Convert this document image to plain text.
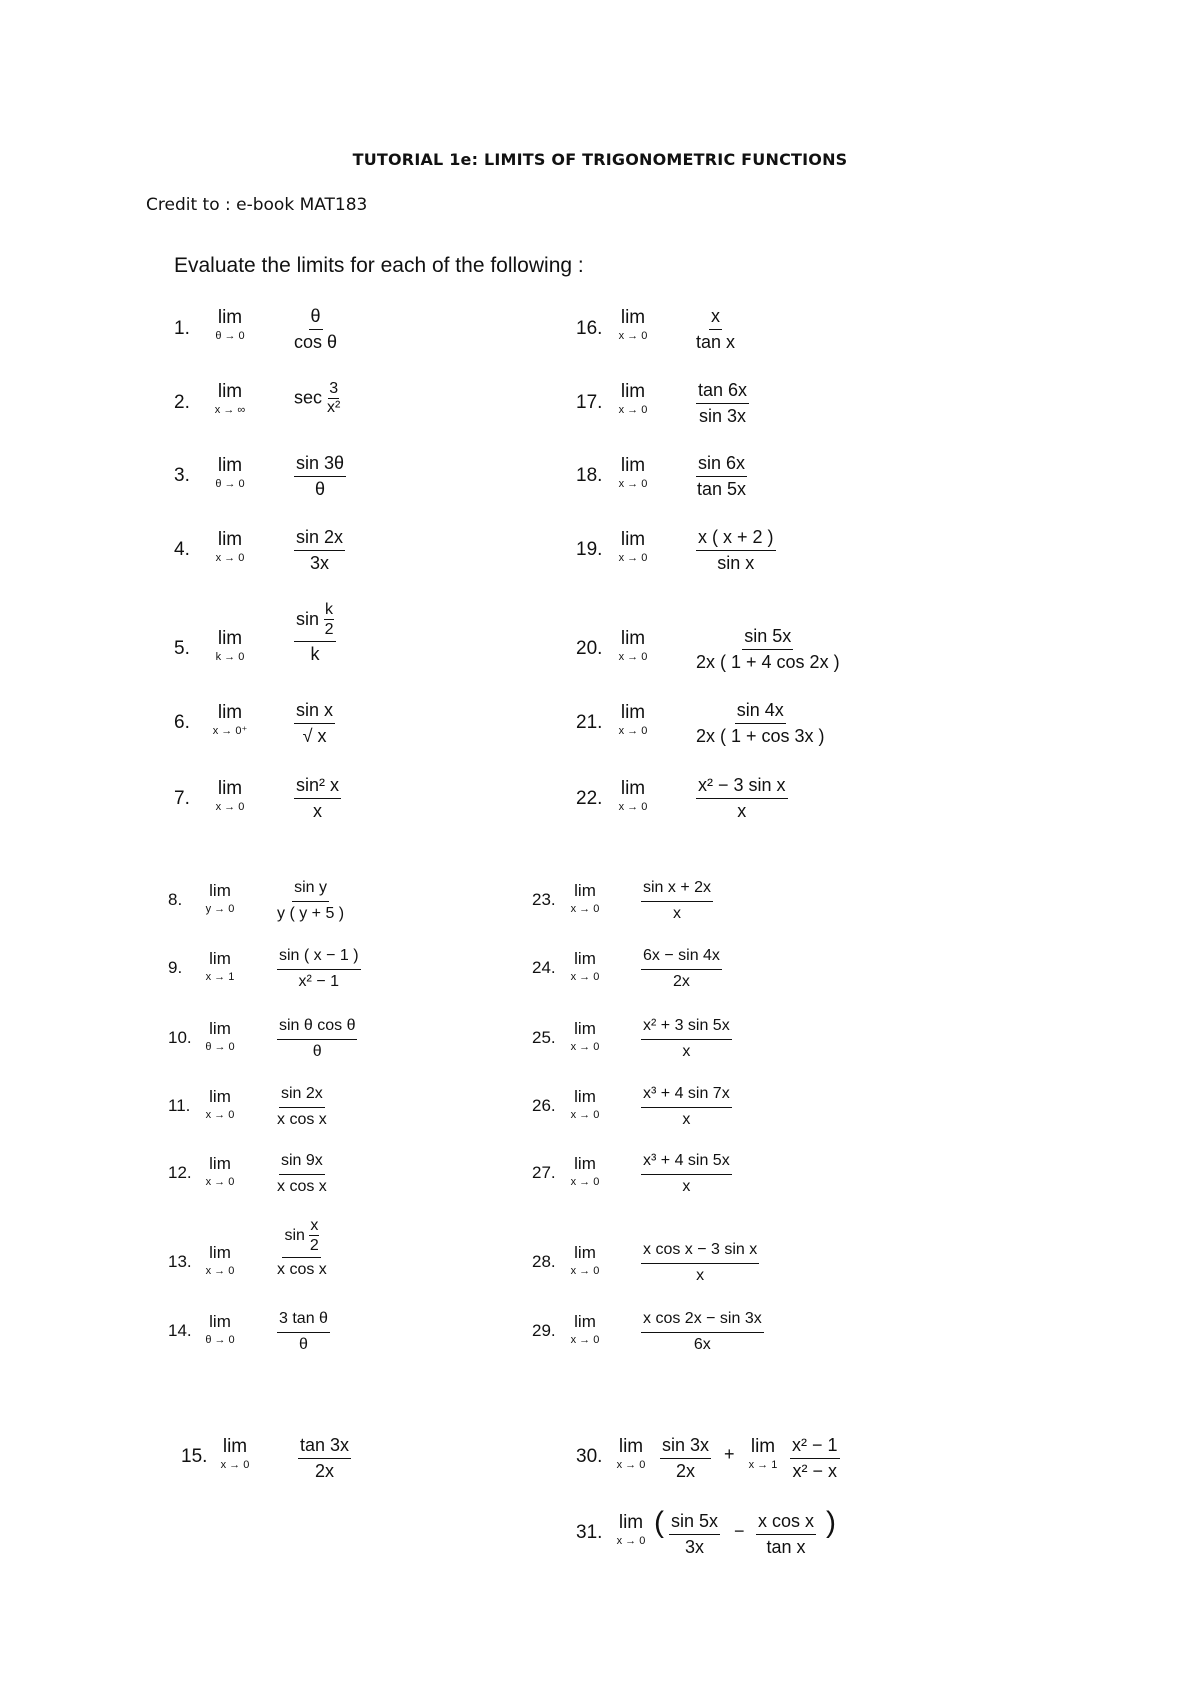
TUTORIAL 1e: LIMITS OF TRIGONOMETRIC FUNCTIONS
Credit to : e-book MAT183
Evaluate the limits for each of the following :
1.
lim
θ → 0	$\frac{\theta}{\text{cos θ}}$
2.
lim
x → ∞
$\sec \frac{3}{\text{x²}}$
3.	lim
θ → 0	$\frac{\sin 3\theta}{\theta}$
4.	lim
x → 0	$\frac{\sin 2x}{3x}$
5.	lim
k → 0	$\frac{\sin \frac{k}{2}}{k}$
6.	lim
x → 0⁺	$\frac{\text{sin x}}{√ x}$
7.	lim
x → 0	$\frac{\text{sin² x}}{x}$
16.
lim
x → 0	$\frac{x}{\text{tan x}}$
17.
lim
x → 0	$\frac{\tan 6x}{\sin 3x}$
18. lim
x → 0	$\frac{\sin 6x}{\tan 5x}$
19. lim
x → 0	$\frac{x ( x + 2 )}{\text{sin x}}$
20. lim
x → 0	$\frac{\sin 5x}{2x ( 1 + 4 \cos 2x )}$
21. lim
x → 0	$\frac{\sin 4x}{2x ( 1 + \cos 3x )}$
22. lim
x → 0	$\frac{\text{x² − 3 sin x}}{x}$
8.	lim
y → 0	$\frac{\text{sin y}}{y ( y + 5 )}$
9.	lim
x → 1	$\frac{\sin ( x - 1 )}{\text{x² − 1}}$
10.	lim
θ → 0	$\frac{\text{sin θ cos θ}}{\theta}$
11.	lim
x → 0	$\frac{\sin 2x}{\text{x cos x}}$
12.	lim
x → 0	$\frac{\sin 9x}{\text{x cos x}}$
13.	lim
x → 0	$\frac{\sin \frac{x}{2}}{\text{x cos x}}$
14.	lim
θ → 0	$\frac{\text{3 tan θ}}{\theta}$
23.	lim
x → 0	$\frac{\text{sin x + 2x}}{x}$
24.	lim
x → 0	$\frac{6x - \sin 4x}{2x}$
25.	lim
x → 0	$\frac{\text{x² + 3 sin 5x}}{x}$
26.	lim
x → 0	$\frac{\text{x³ + 4 sin 7x}}{x}$
27.	lim
x → 0	$\frac{\text{x³ + 4 sin 5x}}{x}$
28.	lim
x → 0	$\frac{\text{x cos x − 3 sin x}}{x}$
29.	lim
x → 0	$\frac{\text{x cos 2x − sin 3x}}{6x}$
15. lim
x → 0	$\frac{\tan 3x}{2x}$	30. lim
$x \to 0 \frac{\sin 3x}{2x} + \lim$
$x \to 1 \frac{\text{x² − 1}}{\text{x² − x}}$
31. lim
x → 0
( $\frac{\sin 5x}{3x} - \frac{\text{x cos x}}{\text{tan x}}$ )
